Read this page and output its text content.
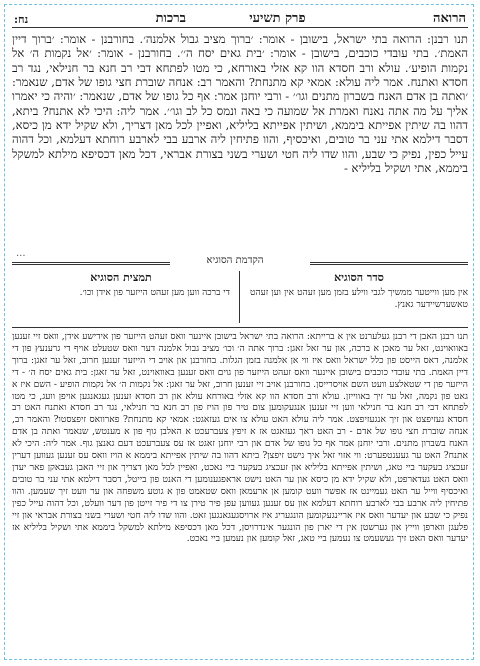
הרואה
פרק תשיעי              ברכות
נח:
תנו רבנן: הרואה בתי ישראל, בישובן - אומר: ׳ברוך מציב גבול אלמנה׳. בחורבנן - אומר: ׳ברוך דיין האמת׳. בתי עובדי כוכבים, בישובן - אומר: ׳בית גאים יסח ה׳׳. בחורבנן - אומר: ׳אל נקמות ה׳ אל נקמות הופיע׳. עולא ורב חסדא הוו קא אזלי באורחא, כי מטו לפתחא דבי רב חנא בר חנילאי, נגד רב חסדא ואתנח. אמר ליה עולא: אמאי קא מתנחת? והאמר רב: אנחה שוברת חצי גופו של אדם, שנאמר: ׳ואתה בן אדם האנח בשברון מתנים וגו׳׳ - ורבי יוחנן אמר: אף כל גופו של אדם, שנאמר: ׳והיה כי יאמרו אליך על מה אתה נאנח ואמרת אל שמועה כי באה ונמס כל לב וגו׳׳. אמר ליה: היכי לא אתנח? ביתא, דהוו בה שיתין אפייתא ביממא, ושיתין אפייתא בליליא, ואפיין לכל מאן דצריך, ולא שקיל ידא מן כיסא, דסבר דילמא אתי עני בר טובים, ואיכסיף, והוו פתיחין ליה ארבע בבי לארבע רוחתא דעלמא, וכל דהוה עייל כפין, נפיק כי שבע, והוו שדו ליה חטי ושערי בשני בצורת אבראי, דכל מאן דכסיפא מילתא למשקל ביממא, אתי ושקיל בליליא -
...
הקדמת הסוגיא
סדר הסוגיא
אין מען ווייטער ממשיך לגבי ווילע בזמן מען זעהט אין וען זעהט טאשערשיידער גאנץ.
תמצית הסוגיא
די ברכה ווען מען זעהט הייזער פון אידן וכו׳.
תנו רבנן האבן די רבנן געלערנט אין א ברייתא: הרואה בתי ישראל בישובן איינער וואס זעהט הייזער פון אידישע אידן, וואס זיי זענען באוואוינט, זאל ער מאכן א ברכה, און ער זאל זאגן: ברוך אתה ה׳ וכו׳ מציב גבול אלמנה דער וואס שטעלט אויף די גרענעץ פון די אלמנה, דאס הייסט פון כלל ישראל וואס איז ווי אן אלמנה בזמן הגלות. בחורבנן און אויב די הייזער זענען חרוב, זאל ער זאגן: ברוך דיין האמת. בתי עובדי כוכבים בישובן איינער וואס זעהט הייזער פון גוים וואס זענען באוואוינט, זאל ער זאגן: בית גאים יסח ה׳ - די הייזער פון די שטאלצע וועט השם אויסרייסן. בחורבנן אויב זיי זענען חרוב, זאל ער זאגן: אל נקמות ה׳ אל נקמות הופיע - השם איז א גאט פון נקמה, זאל ער זיך באווייזן. עולא ורב חסדא הוו קא אזלי באורחא עולא און רב חסדא זענען געגאנגען אויפן וועג, כי מטו לפתחא דבי רב חנא בר חנילאי ווען זיי זענען אנגעקומען צום טיר פון הויז פון רב חנא בר חנילאי, נגד רב חסדא ואתנח האט רב חסדא געזיפצט און זיך אנגעזיפצט. אמר ליה עולא האט עולא צו אים געזאגט: אמאי קא מתנחת? פארוואס זיפצסטו? והאמר רב, אנחה שוברת חצי גופו של אדם - רב האט דאך געזאגט אז א זיפץ צעברעכט א האלבן גוף פון א מענטש, שנאמר ואתה בן אדם האנח בשברון מתנים. ורבי יוחנן אמר אף כל גופו של אדם און רבי יוחנן זאגט אז עס צעברעכט דעם גאנצן גוף. אמר ליה: היכי לא אתנח? האט ער געענטפערט: ווי אזוי זאל איך נישט זיפצן? ביתא דהוו בה שיתין אפייתא ביממא א הויז וואס עס זענען געווען דערין זעכציג בעקער ביי טאג, ושיתין אפייתא בליליא און זעכציג בעקער ביי נאכט, ואפיין לכל מאן דצריך און זיי האבן געבאקן פאר יעדן וואס האט געדארפט, ולא שקיל ידא מן כיסא און ער האט נישט אראפגענומען די האנט פון בייטל, דסבר דילמא אתי עני בר טובים ואיכסיף ווייל ער האט געמיינט אז אפשר וועט קומען אן ארעמאן וואס שטאמט פון א גוטע משפחה און ער וועט זיך שעמען. והוו פתיחין ליה ארבע בבי לארבע רוחתא דעלמא און עס זענען געווען עפן פיר טירן צו די פיר זייטן פון דער וועלט, וכל דהוה עייל כפין נפיק כי שבע און יעדער וואס איז אריינגעקומען הונגעריג איז ארויסגעגאנגען זאט. והוו שדו ליה חטי ושערי בשני בצורת אבראי און זיי פלעגן ווארפן ווייץ און גערשטן אין די יארן פון הונגער אינדרויסן, דכל מאן דכסיפא מילתא למשקל ביממא אתי ושקיל בליליא אז יעדער וואס האט זיך געשעמט צו נעמען ביי טאג, זאל קומען און נעמען ביי נאכט.
